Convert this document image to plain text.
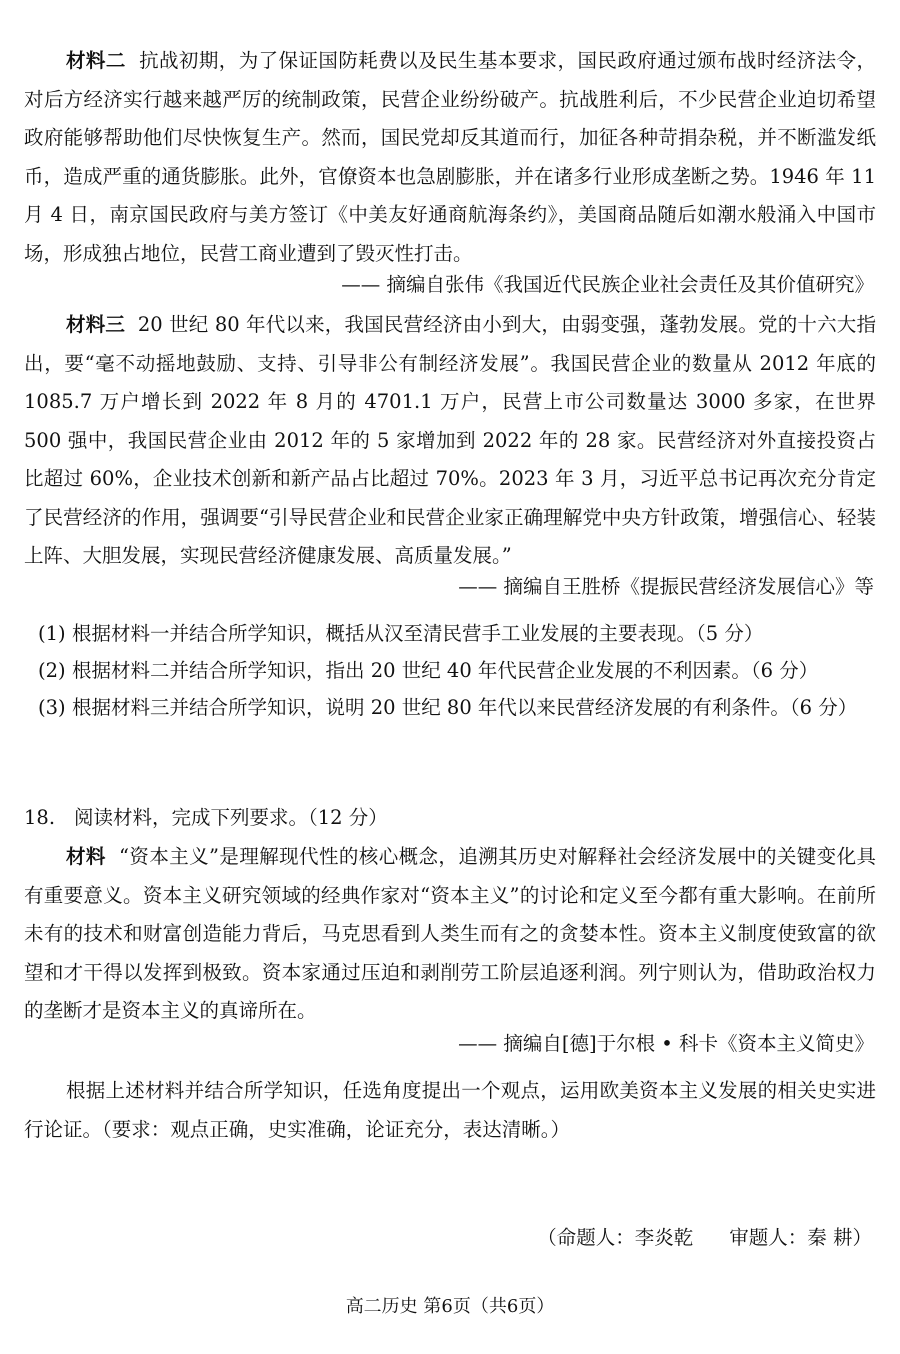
材料二 抗战初期，为了保证国防耗费以及民生基本要求，国民政府通过颁布战时经济法令，对后方经济实行越来越严厉的统制政策，民营企业纷纷破产。抗战胜利后，不少民营企业迫切希望政府能够帮助他们尽快恢复生产。然而，国民党却反其道而行，加征各种苛捐杂税，并不断滥发纸币，造成严重的通货膨胀。此外，官僚资本也急剧膨胀，并在诸多行业形成垄断之势。1946 年 11 月 4 日，南京国民政府与美方签订《中美友好通商航海条约》，美国商品随后如潮水般涌入中国市场，形成独占地位，民营工商业遭到了毁灭性打击。
—— 摘编自张伟《我国近代民族企业社会责任及其价值研究》
材料三 20 世纪 80 年代以来，我国民营经济由小到大，由弱变强，蓬勃发展。党的十六大指出，要“毫不动摇地鼓励、支持、引导非公有制经济发展”。我国民营企业的数量从 2012 年底的 1085.7 万户增长到 2022 年 8 月的 4701.1 万户，民营上市公司数量达 3000 多家，在世界 500 强中，我国民营企业由 2012 年的 5 家增加到 2022 年的 28 家。民营经济对外直接投资占比超过 60%，企业技术创新和新产品占比超过 70%。2023 年 3 月，习近平总书记再次充分肯定了民营经济的作用，强调要“引导民营企业和民营企业家正确理解党中央方针政策，增强信心、轻装上阵、大胆发展，实现民营经济健康发展、高质量发展。”
—— 摘编自王胜桥《提振民营经济发展信心》等
(1) 根据材料一并结合所学知识，概括从汉至清民营手工业发展的主要表现。（5 分）
(2) 根据材料二并结合所学知识，指出 20 世纪 40 年代民营企业发展的不利因素。（6 分）
(3) 根据材料三并结合所学知识，说明 20 世纪 80 年代以来民营经济发展的有利条件。（6 分）
18. 阅读材料，完成下列要求。（12 分）
材料 “资本主义”是理解现代性的核心概念，追溯其历史对解释社会经济发展中的关键变化具有重要意义。资本主义研究领域的经典作家对“资本主义”的讨论和定义至今都有重大影响。在前所未有的技术和财富创造能力背后，马克思看到人类生而有之的贪婪本性。资本主义制度使致富的欲望和才干得以发挥到极致。资本家通过压迫和剥削劳工阶层追逐利润。列宁则认为，借助政治权力的垄断才是资本主义的真谛所在。
—— 摘编自[德]于尔根 • 科卡《资本主义简史》
根据上述材料并结合所学知识，任选角度提出一个观点，运用欧美资本主义发展的相关史实进行论证。（要求：观点正确，史实准确，论证充分，表达清晰。）
（命题人：李炎乾 审题人：秦 耕）
高二历史 第6页（共6页）
